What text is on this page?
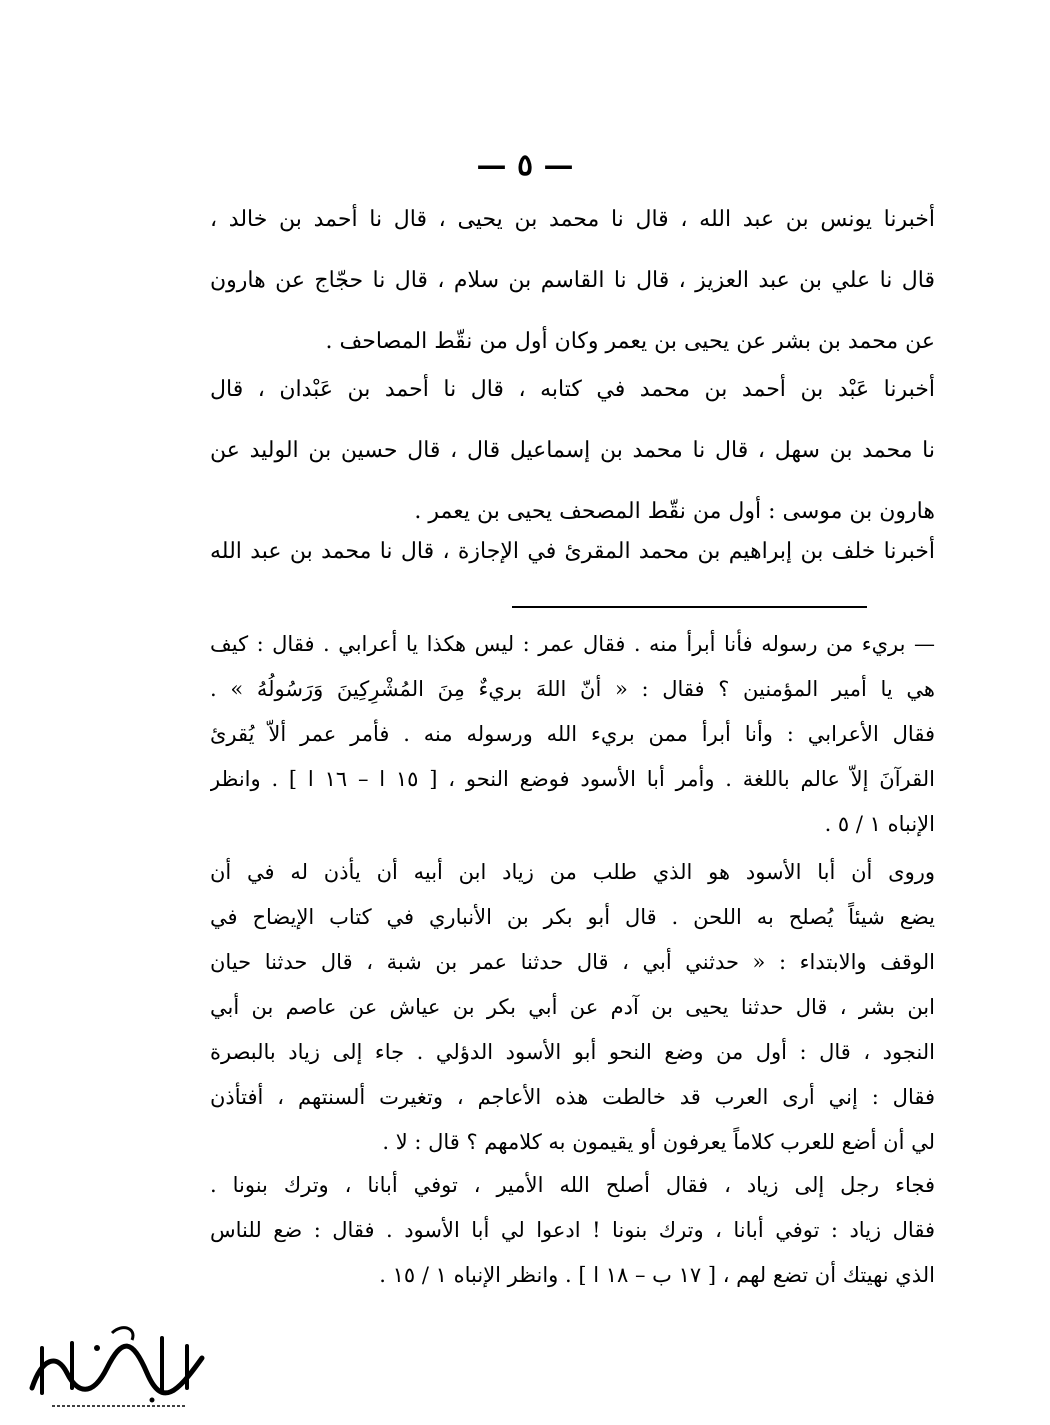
— ٥ —
أخبرنا يونس بن عبد الله ، قال نا محمد بن يحيى ، قال نا أحمد بن خالد ،
قال نا علي بن عبد العزيز ، قال نا القاسم بن سلام ، قال نا حجّاج عن هارون
عن محمد بن بشر عن يحيى بن يعمر وكان أول من نقّط المصاحف .
أخبرنا عَبْد بن أحمد بن محمد في كتابه ، قال نا أحمد بن عَبْدان ، قال
نا محمد بن سهل ، قال نا محمد بن إسماعيل قال ، قال حسين بن الوليد عن
هارون بن موسى : أول من نقّط المصحف يحيى بن يعمر .
أخبرنا خلف بن إبراهيم بن محمد المقرئ في الإجازة ، قال نا محمد بن عبد الله
— بريء من رسوله فأنا أبرأ منه . فقال عمر : ليس هكذا يا أعرابي . فقال : كيف
هي يا أمير المؤمنين ؟ فقال : « أنّ اللهَ بريءٌ مِنَ المُشْرِكِينَ وَرَسُولُهُ » .
فقال الأعرابي : وأنا أبرأ ممن بريء الله ورسوله منه . فأمر عمر ألاّ يُقرئ
القرآنَ إلاّ عالم باللغة . وأمر أبا الأسود فوضع النحو ، [ ١٥ ا – ١٦ ا ] . وانظر
الإنباه ١ / ٥ .
وروى أن أبا الأسود هو الذي طلب من زياد ابن أبيه أن يأذن له في أن
يضع شيئاً يُصلح به اللحن . قال أبو بكر بن الأنباري في كتاب الإيضاح في
الوقف والابتداء : « حدثني أبي ، قال حدثنا عمر بن شبة ، قال حدثنا حيان
ابن بشر ، قال حدثنا يحيى بن آدم عن أبي بكر بن عياش عن عاصم بن أبي
النجود ، قال : أول من وضع النحو أبو الأسود الدؤلي . جاء إلى زياد بالبصرة
فقال : إني أرى العرب قد خالطت هذه الأعاجم ، وتغيرت ألسنتهم ، أفتأذن
لي أن أضع للعرب كلاماً يعرفون أو يقيمون به كلامهم ؟ قال : لا .
فجاء رجل إلى زياد ، فقال أصلح الله الأمير ، توفي أبانا ، وترك بنونا .
فقال زياد : توفي أبانا ، وترك بنونا ! ادعوا لي أبا الأسود . فقال : ضع للناس
الذي نهيتك أن تضع لهم ، [ ١٧ ب – ١٨ ا ] . وانظر الإنباه ١ / ١٥ .
